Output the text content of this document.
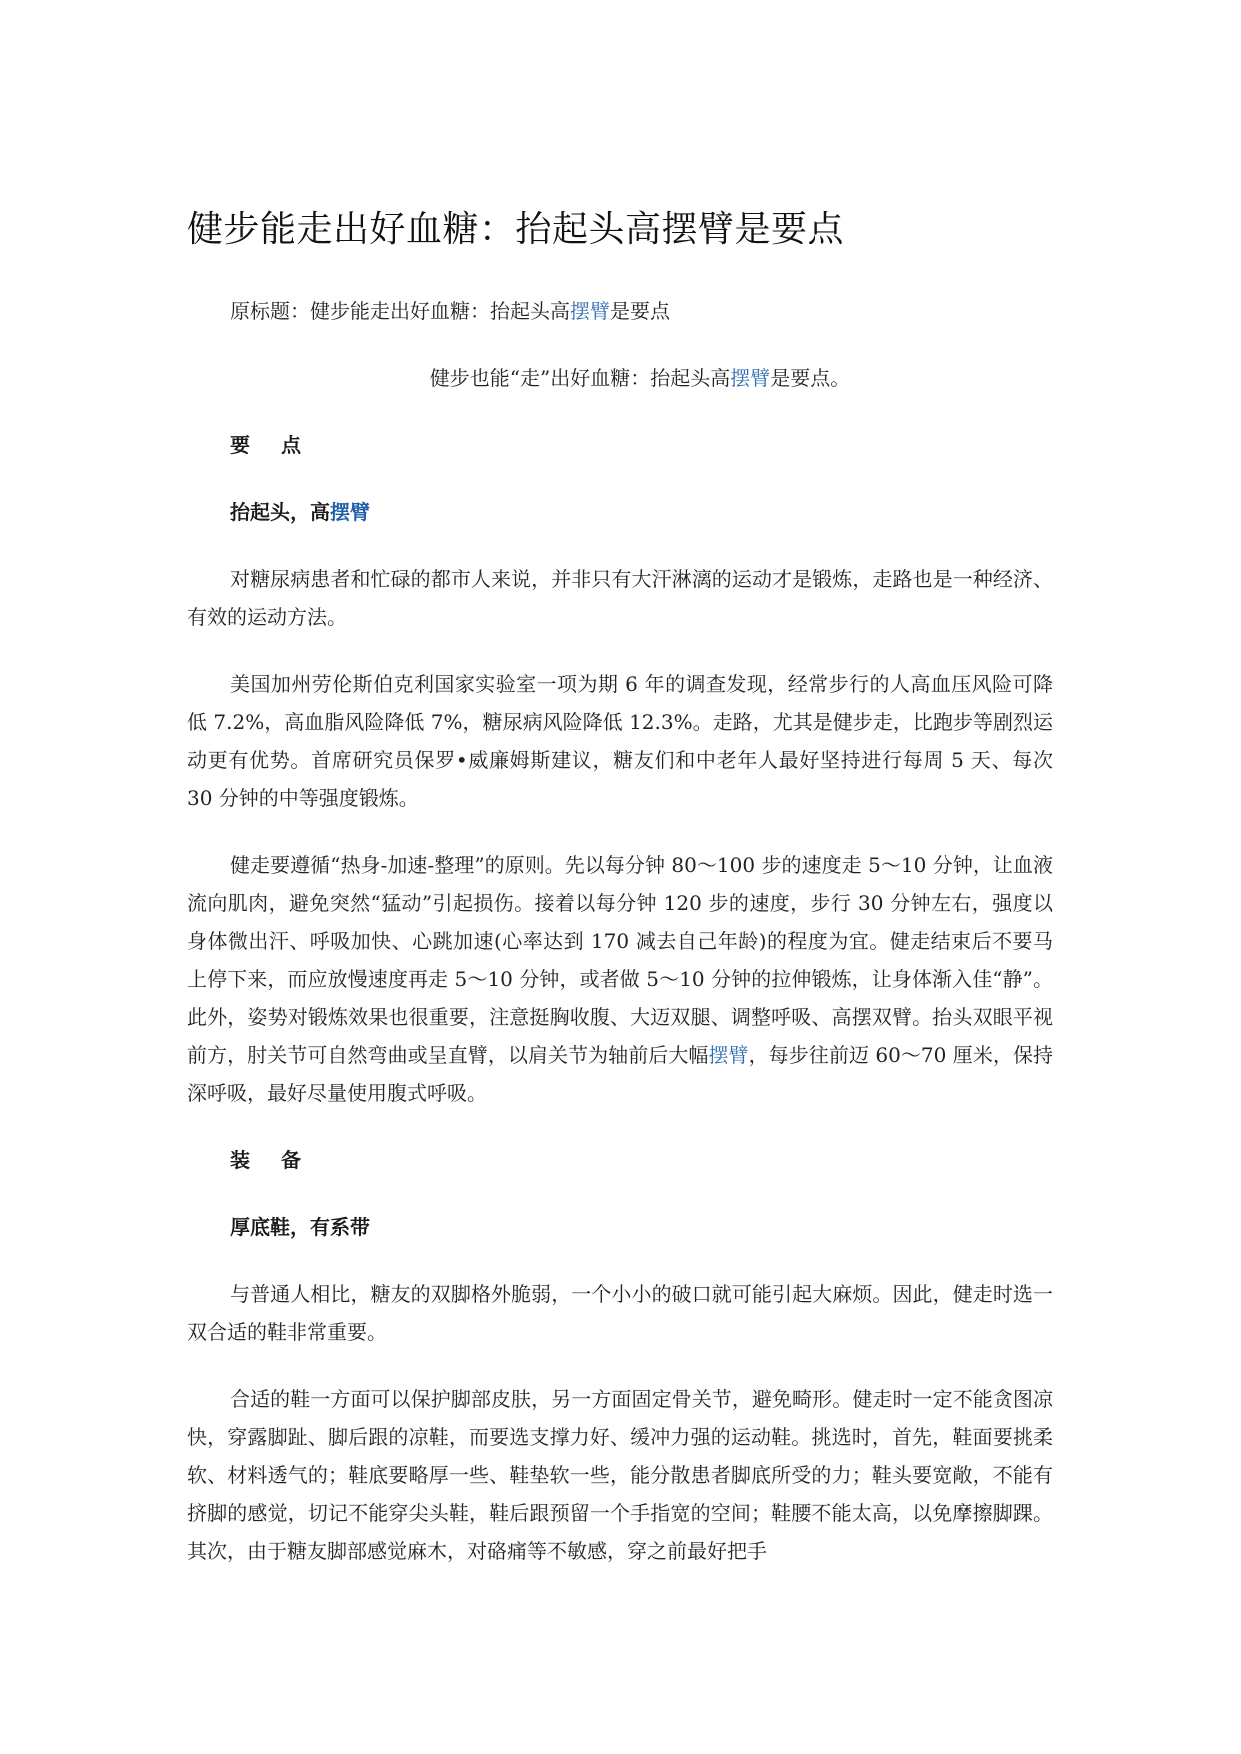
健步能走出好血糖：抬起头高摆臂是要点

原标题：健步能走出好血糖：抬起头高摆臂是要点

健步也能“走”出好血糖：抬起头高摆臂是要点。

要 点

抬起头，高摆臂

对糖尿病患者和忙碌的都市人来说，并非只有大汗淋漓的运动才是锻炼，走路也是一种经济、有效的运动方法。

美国加州劳伦斯伯克利国家实验室一项为期 6 年的调查发现，经常步行的人高血压风险可降低 7.2%，高血脂风险降低 7%，糖尿病风险降低 12.3%。走路，尤其是健步走，比跑步等剧烈运动更有优势。首席研究员保罗•威廉姆斯建议，糖友们和中老年人最好坚持进行每周 5 天、每次 30 分钟的中等强度锻炼。

健走要遵循“热身-加速-整理”的原则。先以每分钟 80～100 步的速度走 5～10 分钟，让血液流向肌肉，避免突然“猛动”引起损伤。接着以每分钟 120 步的速度，步行 30 分钟左右，强度以身体微出汗、呼吸加快、心跳加速(心率达到 170 减去自己年龄)的程度为宜。健走结束后不要马上停下来，而应放慢速度再走 5～10 分钟，或者做 5～10 分钟的拉伸锻炼，让身体渐入佳“静”。此外，姿势对锻炼效果也很重要，注意挺胸收腹、大迈双腿、调整呼吸、高摆双臂。抬头双眼平视前方，肘关节可自然弯曲或呈直臂，以肩关节为轴前后大幅摆臂，每步往前迈 60～70 厘米，保持深呼吸，最好尽量使用腹式呼吸。

装 备

厚底鞋，有系带

与普通人相比，糖友的双脚格外脆弱，一个小小的破口就可能引起大麻烦。因此，健走时选一双合适的鞋非常重要。

合适的鞋一方面可以保护脚部皮肤，另一方面固定骨关节，避免畸形。健走时一定不能贪图凉快，穿露脚趾、脚后跟的凉鞋，而要选支撑力好、缓冲力强的运动鞋。挑选时，首先，鞋面要挑柔软、材料透气的；鞋底要略厚一些、鞋垫软一些，能分散患者脚底所受的力；鞋头要宽敞，不能有挤脚的感觉，切记不能穿尖头鞋，鞋后跟预留一个手指宽的空间；鞋腰不能太高，以免摩擦脚踝。其次，由于糖友脚部感觉麻木，对硌痛等不敏感，穿之前最好把手
